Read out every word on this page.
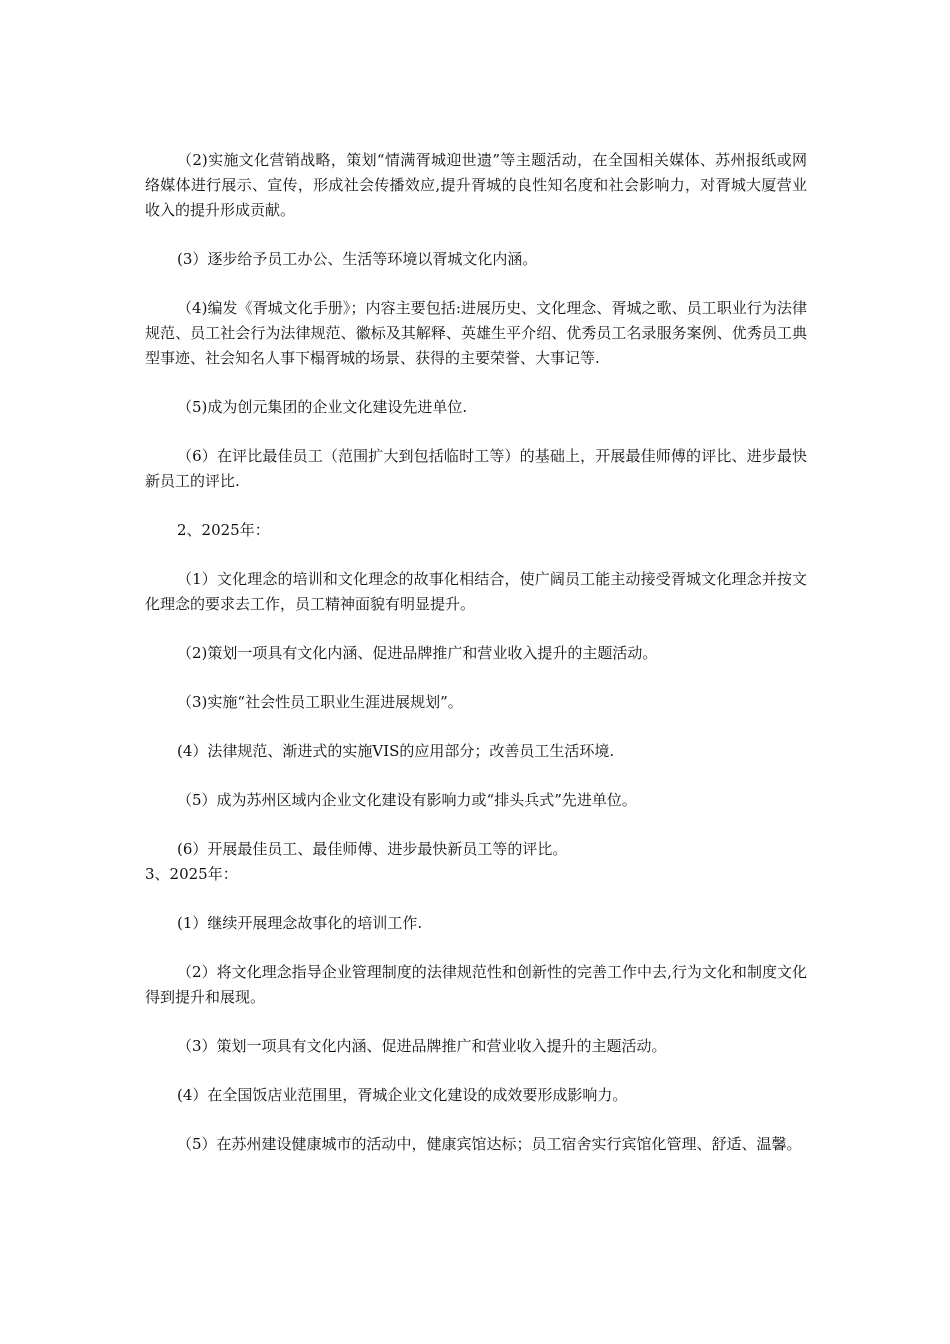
（2)实施文化营销战略，策划“情满胥城迎世遗”等主题活动，在全国相关媒体、苏州报纸或网络媒体进行展示、宣传，形成社会传播效应,提升胥城的良性知名度和社会影响力，对胥城大厦营业收入的提升形成贡献。

(3）逐步给予员工办公、生活等环境以胥城文化内涵。

（4)编发《胥城文化手册》；内容主要包括:进展历史、文化理念、胥城之歌、员工职业行为法律规范、员工社会行为法律规范、徽标及其解释、英雄生平介绍、优秀员工名录服务案例、优秀员工典型事迹、社会知名人事下榻胥城的场景、获得的主要荣誉、大事记等.

（5)成为创元集团的企业文化建设先进单位.

（6）在评比最佳员工（范围扩大到包括临时工等）的基础上，开展最佳师傅的评比、进步最快新员工的评比.

2、2025年：

（1）文化理念的培训和文化理念的故事化相结合，使广阔员工能主动接受胥城文化理念并按文化理念的要求去工作，员工精神面貌有明显提升。

（2)策划一项具有文化内涵、促进品牌推广和营业收入提升的主题活动。

（3)实施“社会性员工职业生涯进展规划”。

(4）法律规范、渐进式的实施VIS的应用部分；改善员工生活环境.

（5）成为苏州区域内企业文化建设有影响力或“排头兵式”先进单位。

(6）开展最佳员工、最佳师傅、进步最快新员工等的评比。

3、2025年：

(1）继续开展理念故事化的培训工作.

（2）将文化理念指导企业管理制度的法律规范性和创新性的完善工作中去,行为文化和制度文化得到提升和展现。

（3）策划一项具有文化内涵、促进品牌推广和营业收入提升的主题活动。

(4）在全国饭店业范围里，胥城企业文化建设的成效要形成影响力。

（5）在苏州建设健康城市的活动中，健康宾馆达标；员工宿舍实行宾馆化管理、舒适、温馨。
